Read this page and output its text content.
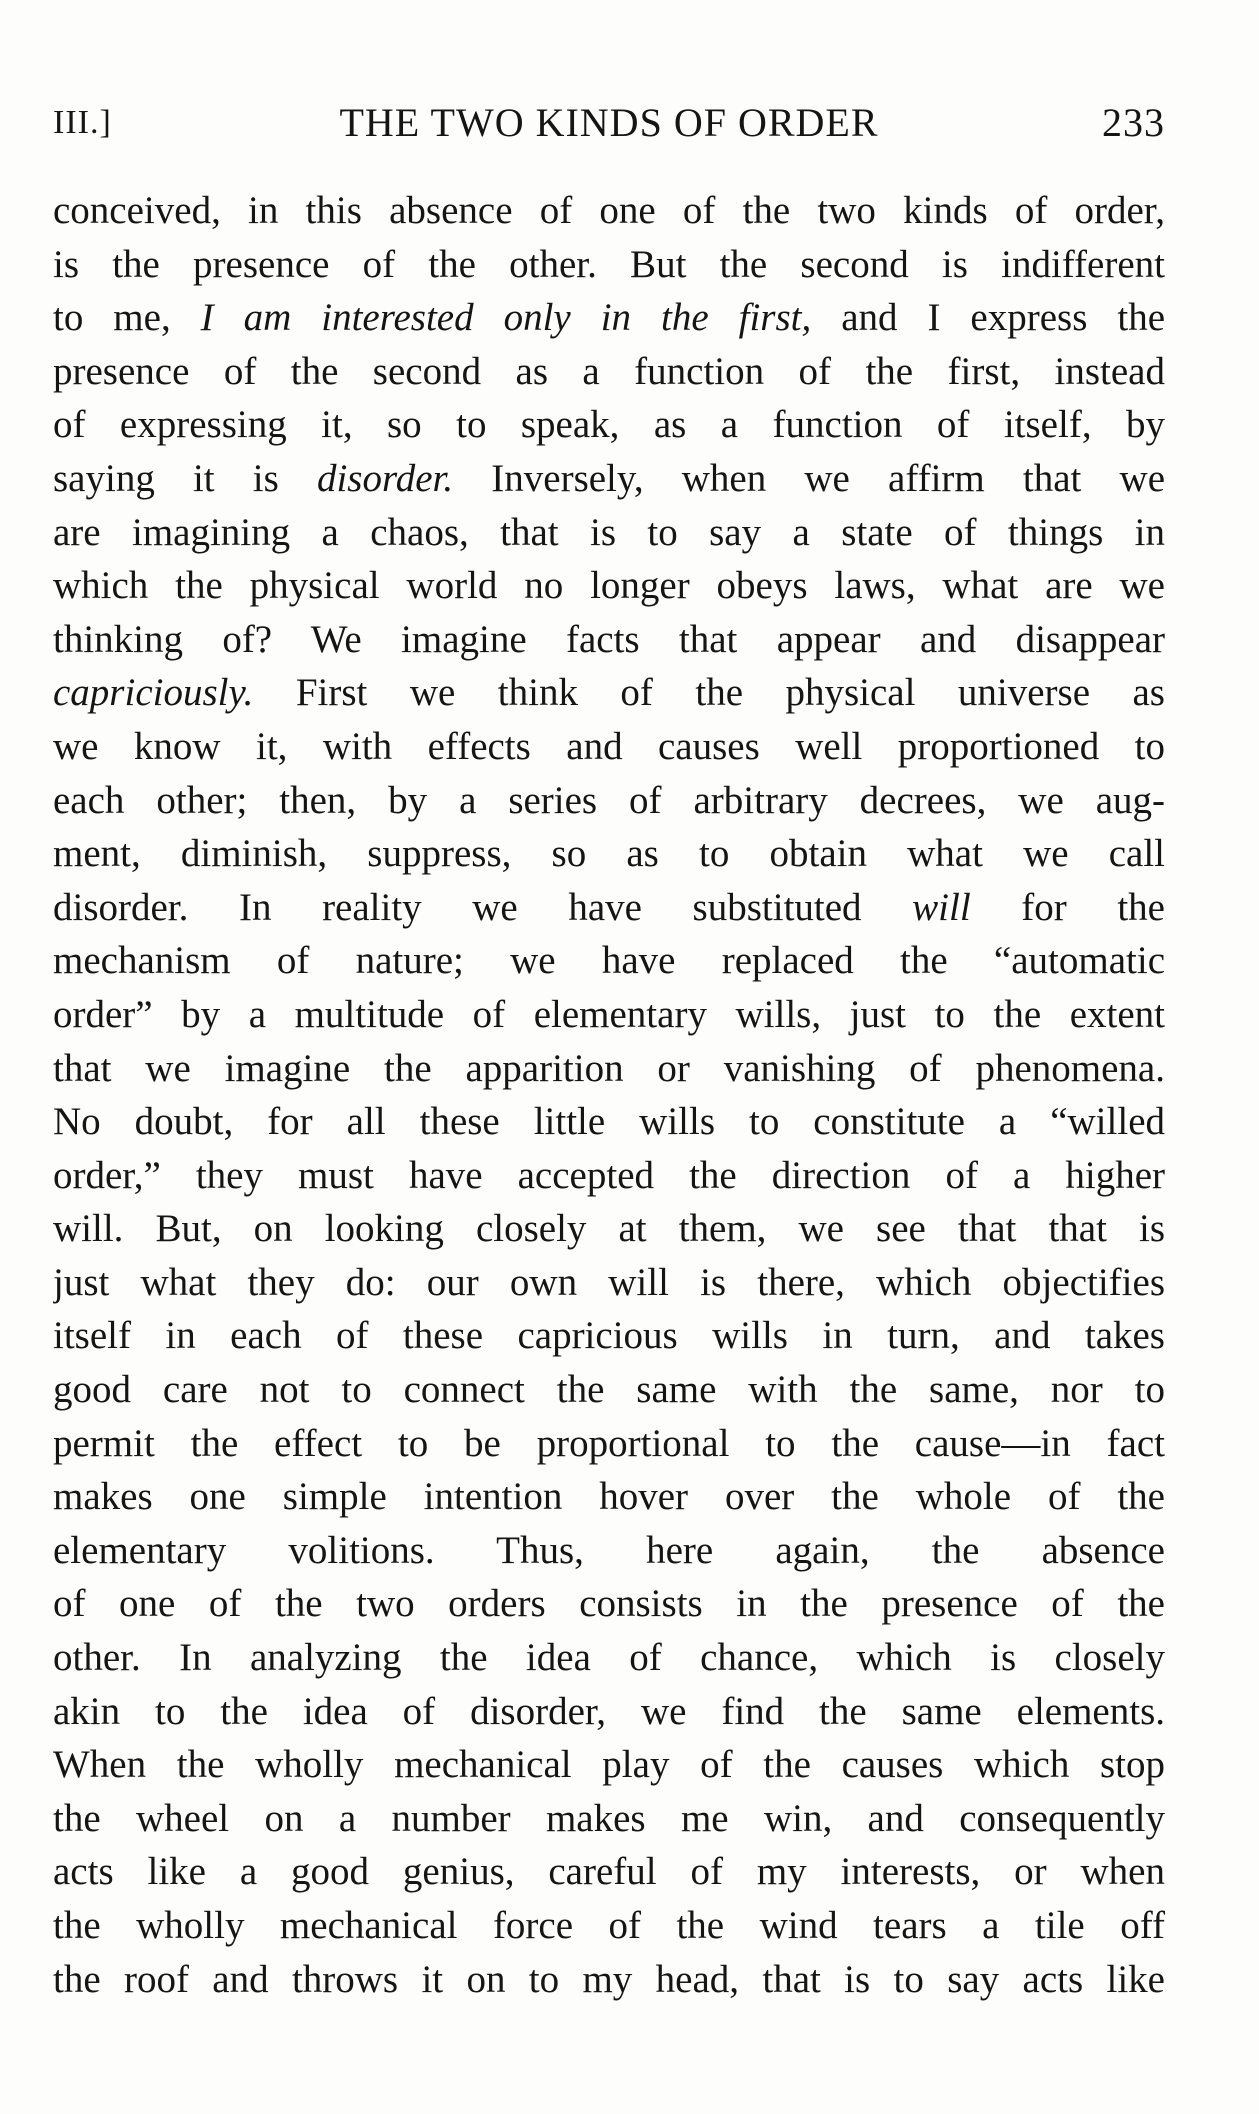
III.]	THE TWO KINDS OF ORDER	233
conceived, in this absence of one of the two kinds of order,
is the presence of the other. But the second is indifferent
to me, I am interested only in the first, and I express the
presence of the second as a function of the first, instead
of expressing it, so to speak, as a function of itself, by
saying it is disorder. Inversely, when we affirm that we
are imagining a chaos, that is to say a state of things in
which the physical world no longer obeys laws, what are we
thinking of? We imagine facts that appear and disappear
capriciously. First we think of the physical universe as
we know it, with effects and causes well proportioned to
each other; then, by a series of arbitrary decrees, we aug-
ment, diminish, suppress, so as to obtain what we call
disorder. In reality we have substituted will for the
mechanism of nature; we have replaced the “automatic
order” by a multitude of elementary wills, just to the extent
that we imagine the apparition or vanishing of phenomena.
No doubt, for all these little wills to constitute a “willed
order,” they must have accepted the direction of a higher
will. But, on looking closely at them, we see that that is
just what they do: our own will is there, which objectifies
itself in each of these capricious wills in turn, and takes
good care not to connect the same with the same, nor to
permit the effect to be proportional to the cause—in fact
makes one simple intention hover over the whole of the
elementary volitions. Thus, here again, the absence
of one of the two orders consists in the presence of the
other. In analyzing the idea of chance, which is closely
akin to the idea of disorder, we find the same elements.
When the wholly mechanical play of the causes which stop
the wheel on a number makes me win, and consequently
acts like a good genius, careful of my interests, or when
the wholly mechanical force of the wind tears a tile off
the roof and throws it on to my head, that is to say acts like
